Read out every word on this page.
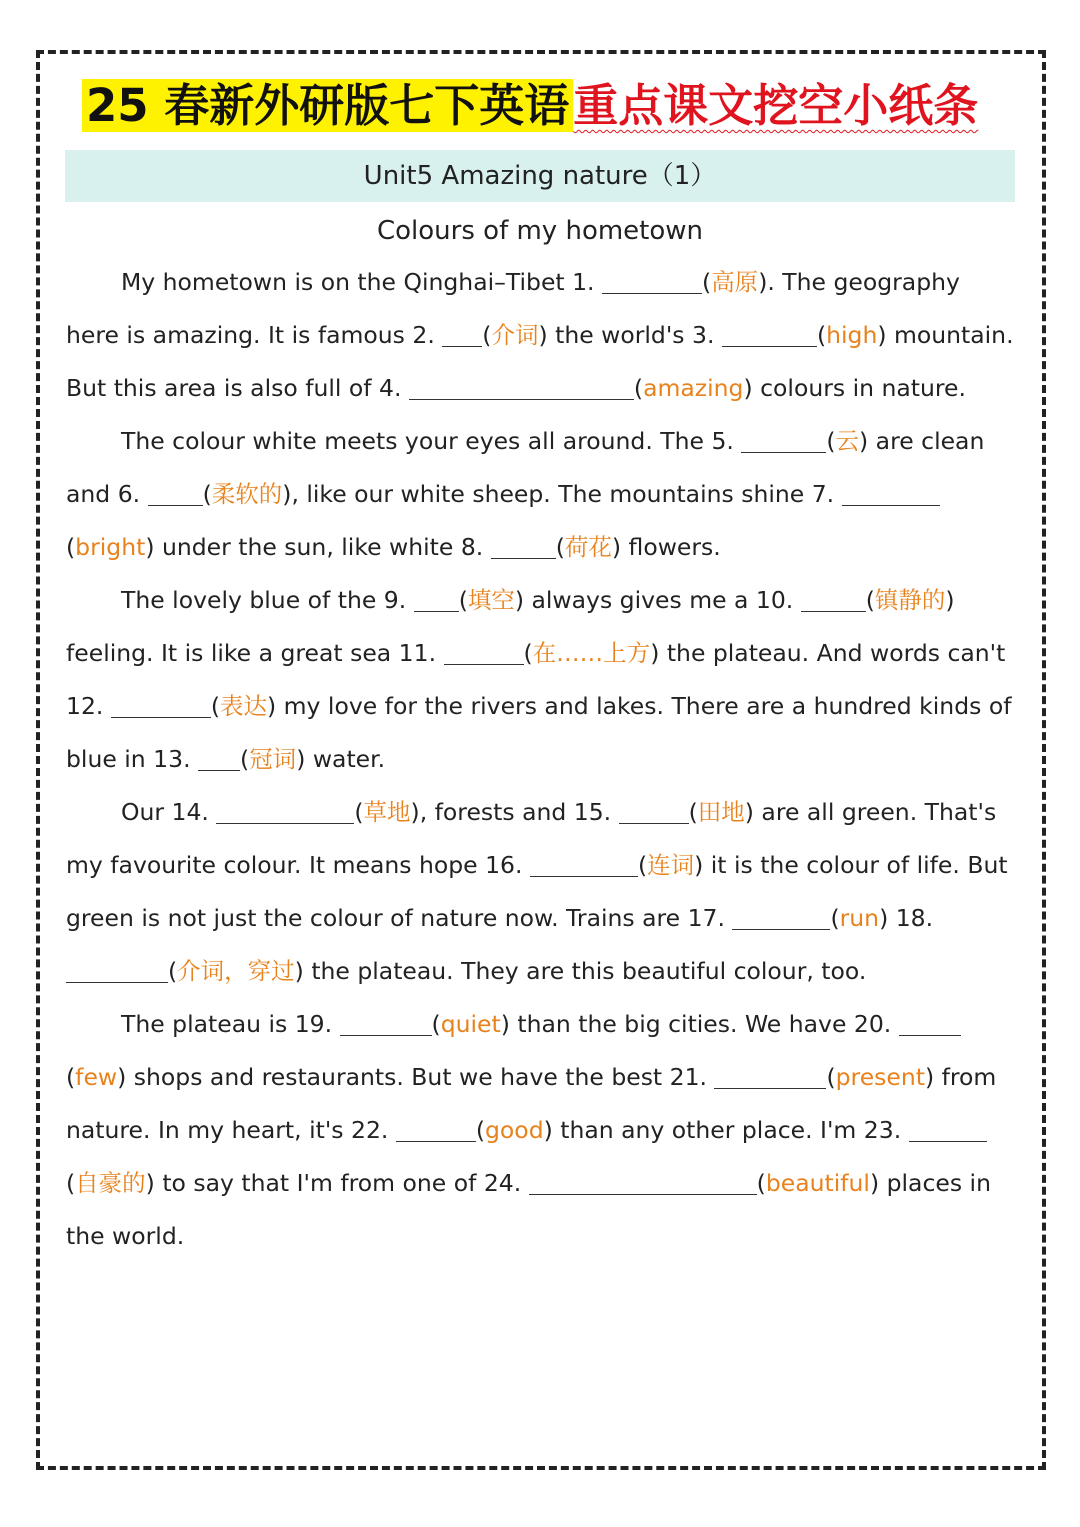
25 春新外研版七下英语重点课文挖空小纸条
Unit5 Amazing nature（1）
Colours of my hometown

My hometown is on the Qinghai–Tibet 1.	(高原). The geography here is amazing. It is famous 2. (介词) the world's 3.	(high) mountain. But this area is also full of 4.	(amazing) colours in nature.

The colour white meets your eyes all around. The 5.	(云) are clean and 6. (柔软的), like our white sheep. The mountains shine 7. (bright) under the sun, like white 8.	(荷花) flowers.

The lovely blue of the 9. (填空) always gives me a 10.	(镇静的) feeling. It is like a great sea 11.	(在……上方) the plateau. And words can't 12.	(表达) my love for the rivers and lakes. There are a hundred kinds of blue in 13. (冠词) water.

Our 14.	(草地), forests and 15.	(田地) are all green. That's my favourite colour. It means hope 16.	(连词) it is the colour of life. But green is not just the colour of nature now. Trains are 17.	(run) 18. (介词，穿过) the plateau. They are this beautiful colour, too.

The plateau is 19.	(quiet) than the big cities. We have 20. (few) shops and restaurants. But we have the best 21.	(present) from nature. In my heart, it's 22.	(good) than any other place. I'm 23. (自豪的) to say that I'm from one of 24.	(beautiful) places in the world.
